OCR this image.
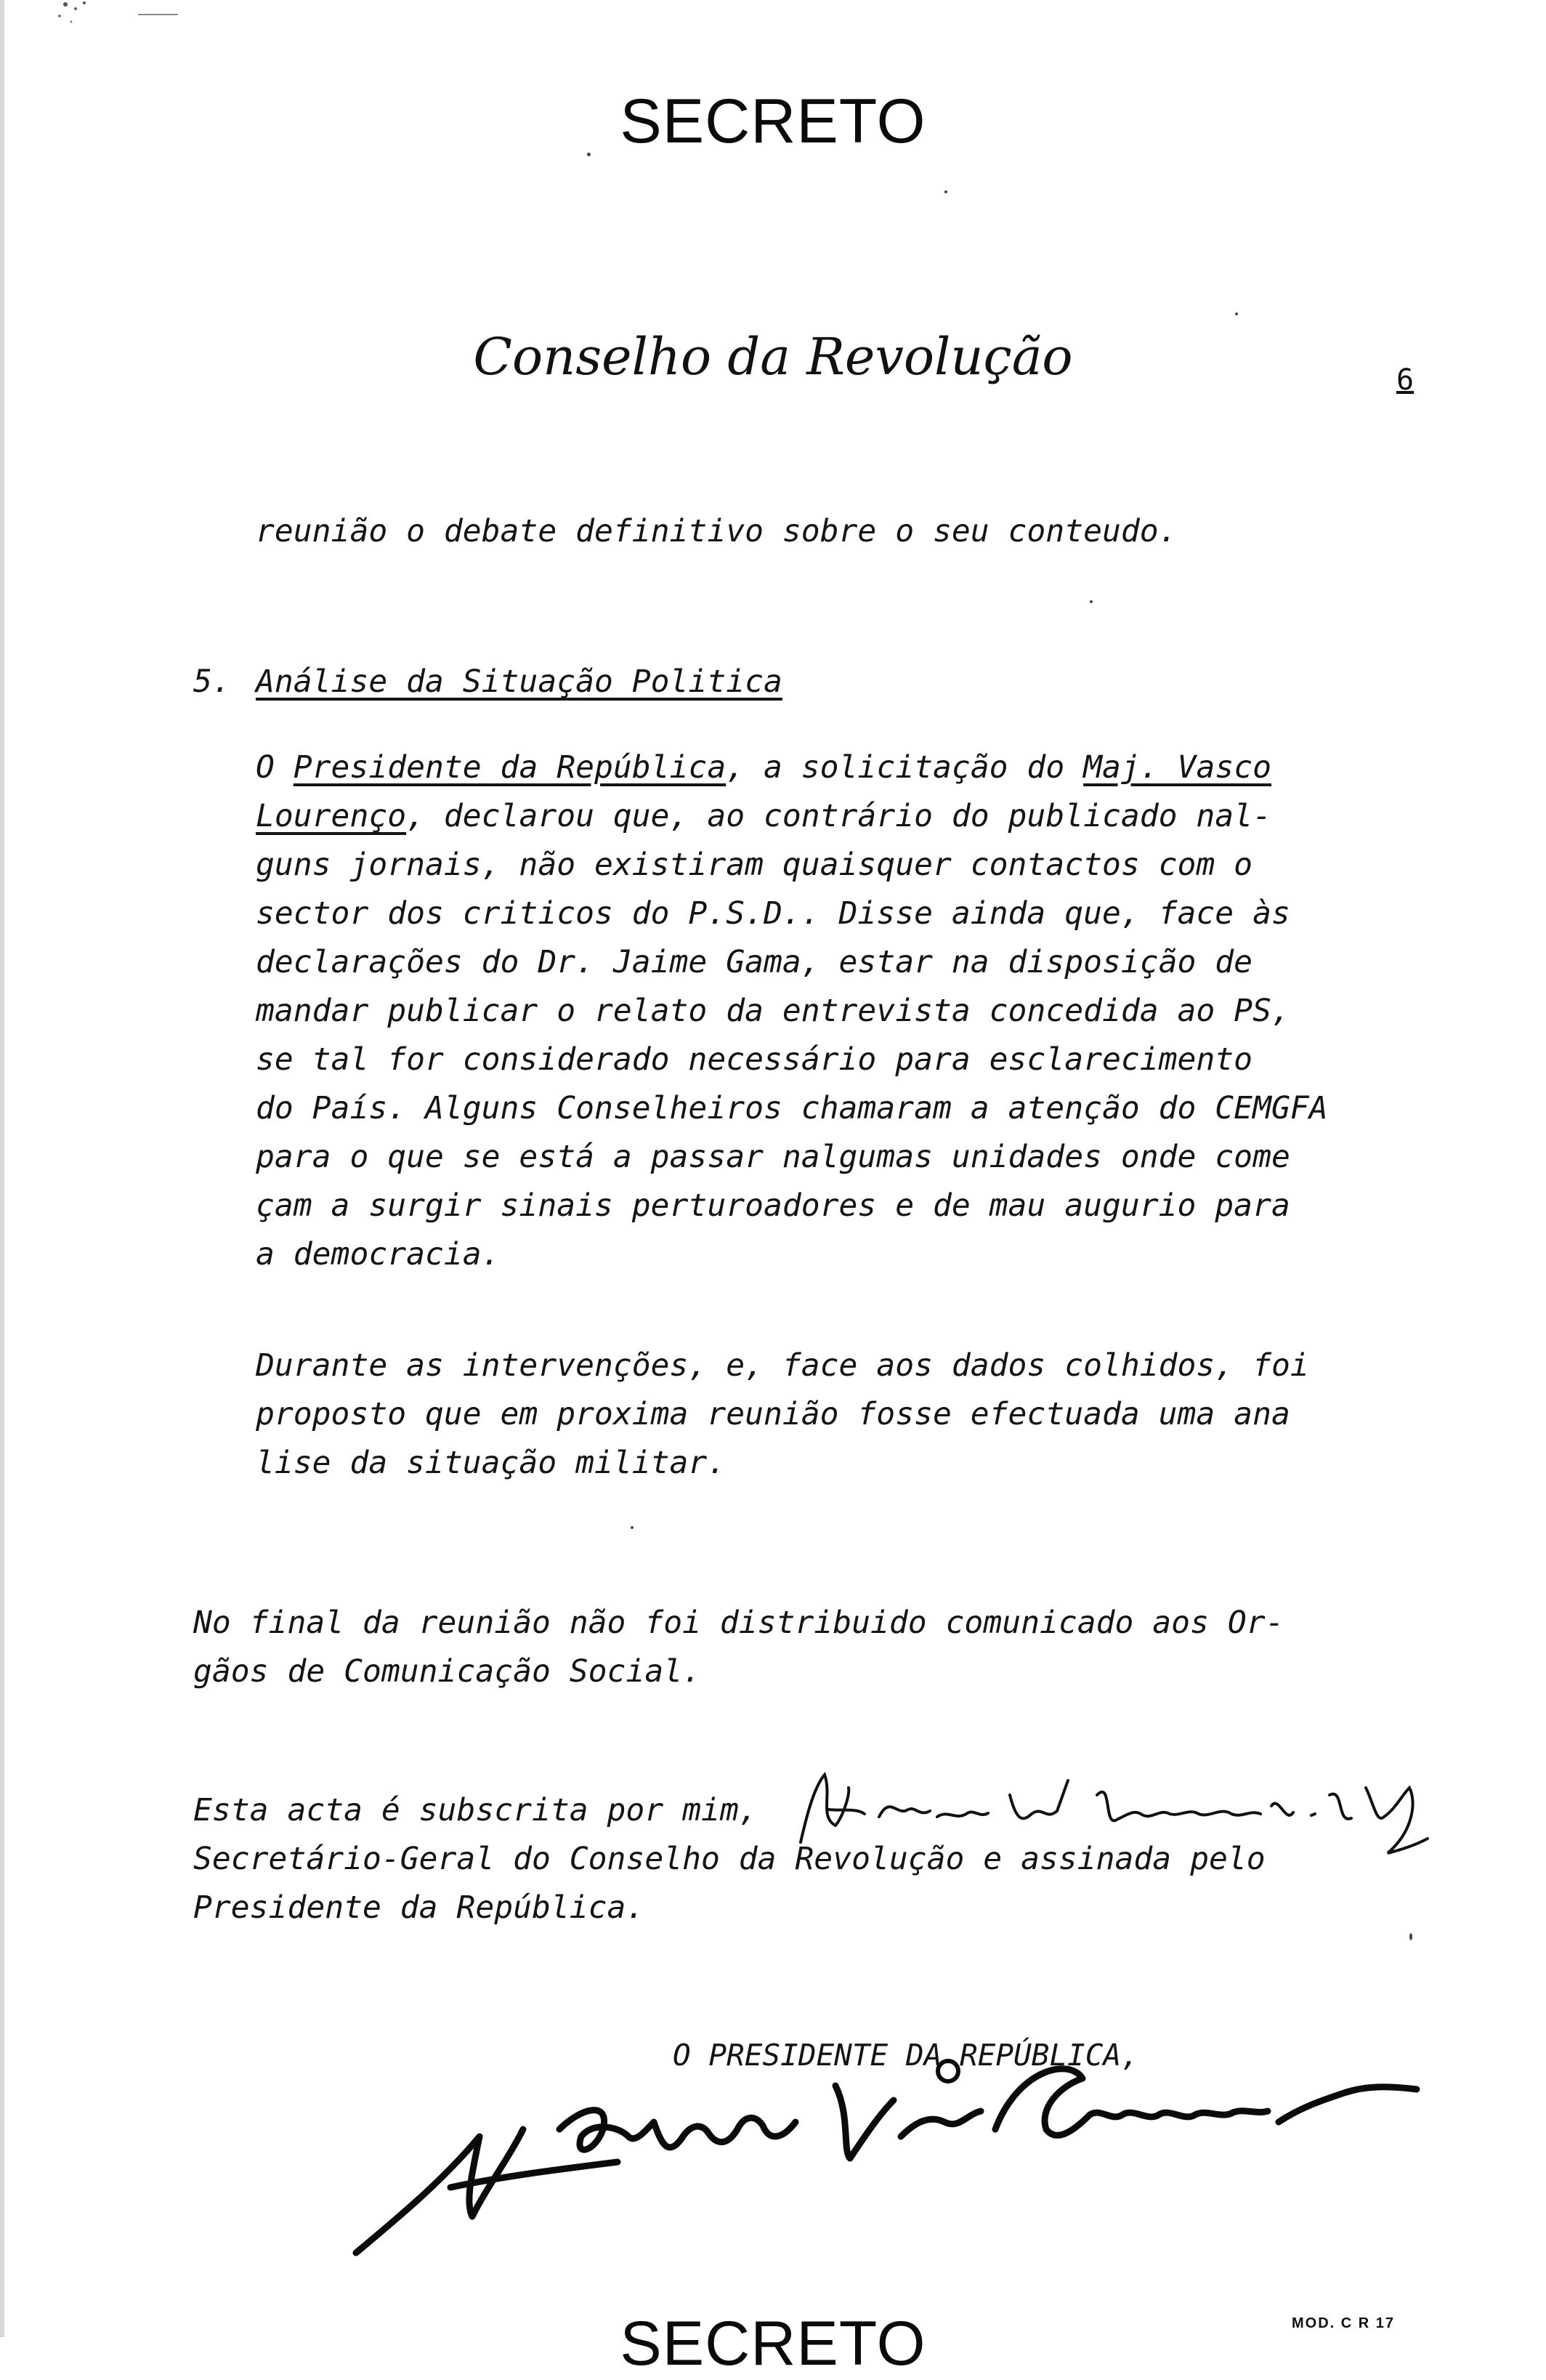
SECRETO
Conselho da Revolução	6
reunião o debate definitivo sobre o seu conteudo.
5. Análise da Situação Politica
O Presidente da República, a solicitação do Maj. Vasco
Lourenço, declarou que, ao contrário do publicado nal-
guns jornais, não existiram quaisquer contactos com o
sector dos criticos do P.S.D.. Disse ainda que, face às
declarações do Dr. Jaime Gama, estar na disposição de
mandar publicar o relato da entrevista concedida ao PS,
se tal for considerado necessário para esclarecimento
do País. Alguns Conselheiros chamaram a atenção do CEMGFA
para o que se está a passar nalgumas unidades onde come
çam a surgir sinais perturoadores e de mau augurio para
a democracia.
Durante as intervenções, e, face aos dados colhidos, foi
proposto que em proxima reunião fosse efectuada uma ana
lise da situação militar.
No final da reunião não foi distribuido comunicado aos Or-
gãos de Comunicação Social.
Esta acta é subscrita por mim,
Secretário-Geral do Conselho da Revolução e assinada pelo
Presidente da República.
O PRESIDENTE DA REPÚBLICA,
SECRETO	MOD. C R 17
